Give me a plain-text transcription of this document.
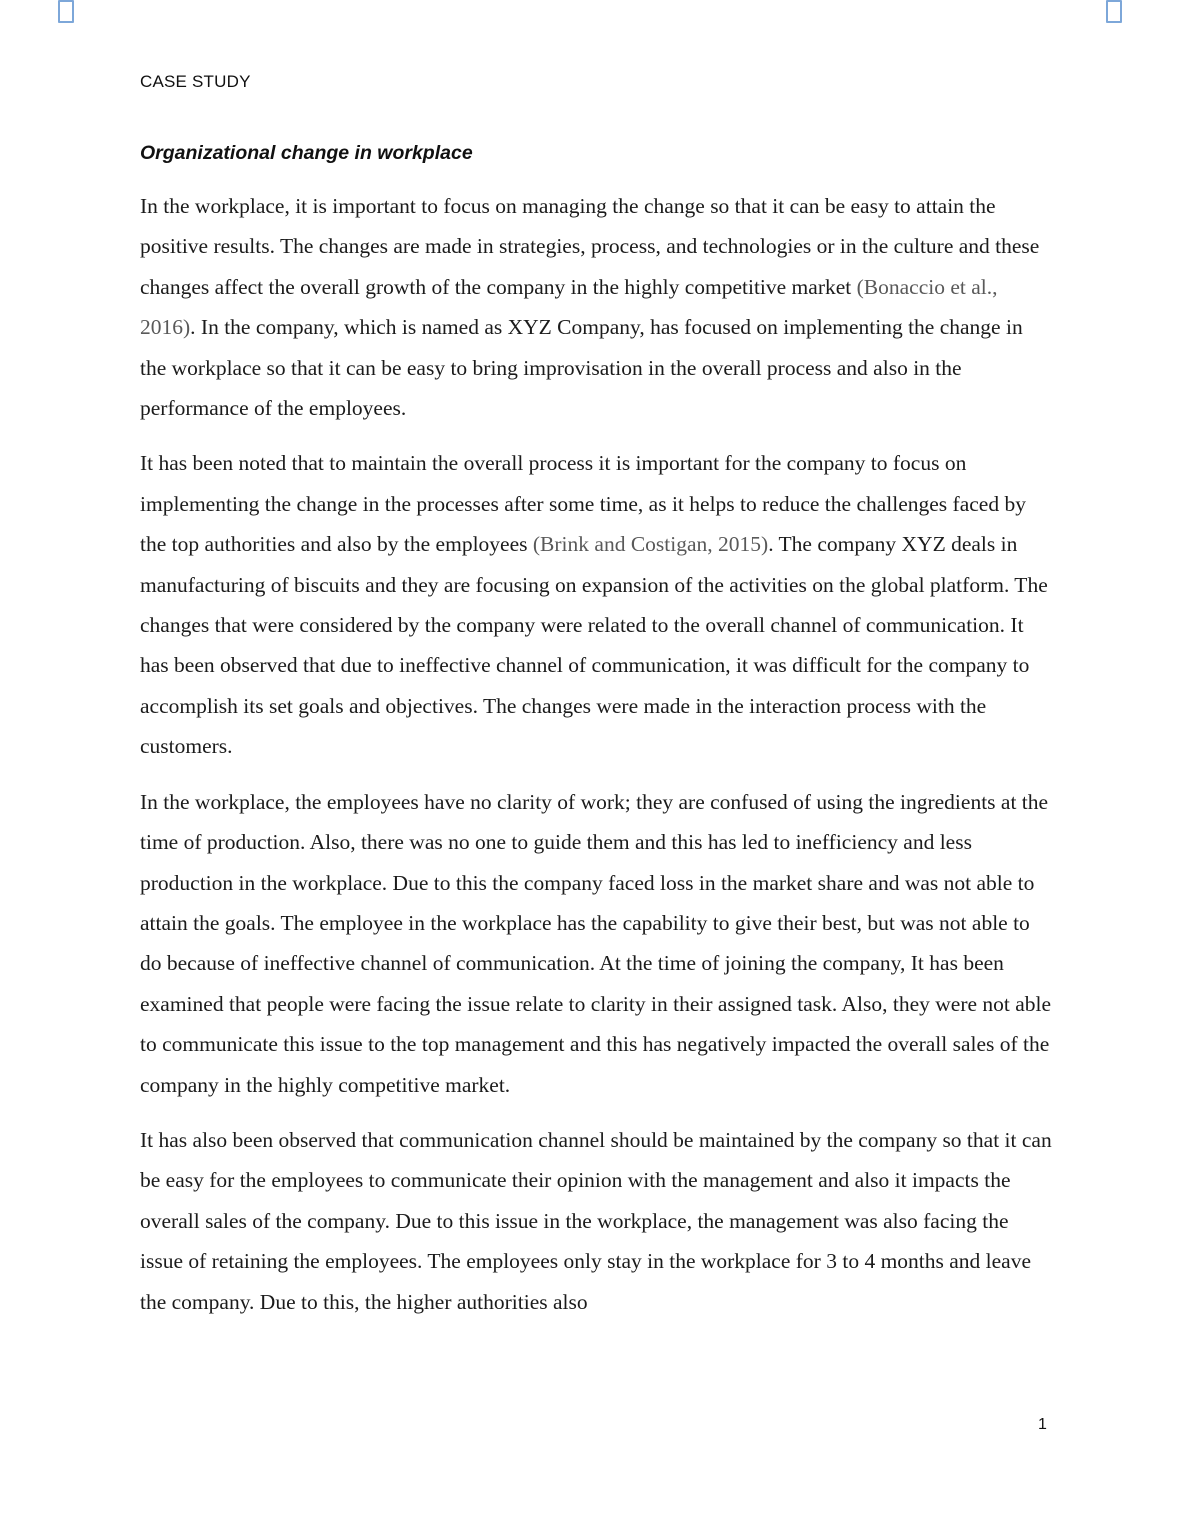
CASE STUDY
Organizational change in workplace

In the workplace, it is important to focus on managing the change so that it can be easy to attain the positive results. The changes are made in strategies, process, and technologies or in the culture and these changes affect the overall growth of the company in the highly competitive market (Bonaccio et al., 2016). In the company, which is named as XYZ Company, has focused on implementing the change in the workplace so that it can be easy to bring improvisation in the overall process and also in the performance of the employees.

It has been noted that to maintain the overall process it is important for the company to focus on implementing the change in the processes after some time, as it helps to reduce the challenges faced by the top authorities and also by the employees (Brink and Costigan, 2015). The company XYZ deals in manufacturing of biscuits and they are focusing on expansion of the activities on the global platform. The changes that were considered by the company were related to the overall channel of communication. It has been observed that due to ineffective channel of communication, it was difficult for the company to accomplish its set goals and objectives. The changes were made in the interaction process with the customers.

In the workplace, the employees have no clarity of work; they are confused of using the ingredients at the time of production. Also, there was no one to guide them and this has led to inefficiency and less production in the workplace. Due to this the company faced loss in the market share and was not able to attain the goals. The employee in the workplace has the capability to give their best, but was not able to do because of ineffective channel of communication. At the time of joining the company, It has been examined that people were facing the issue relate to clarity in their assigned task. Also, they were not able to communicate this issue to the top management and this has negatively impacted the overall sales of the company in the highly competitive market.

It has also been observed that communication channel should be maintained by the company so that it can be easy for the employees to communicate their opinion with the management and also it impacts the overall sales of the company. Due to this issue in the workplace, the management was also facing the issue of retaining the employees. The employees only stay in the workplace for 3 to 4 months and leave the company. Due to this, the higher authorities also

1
